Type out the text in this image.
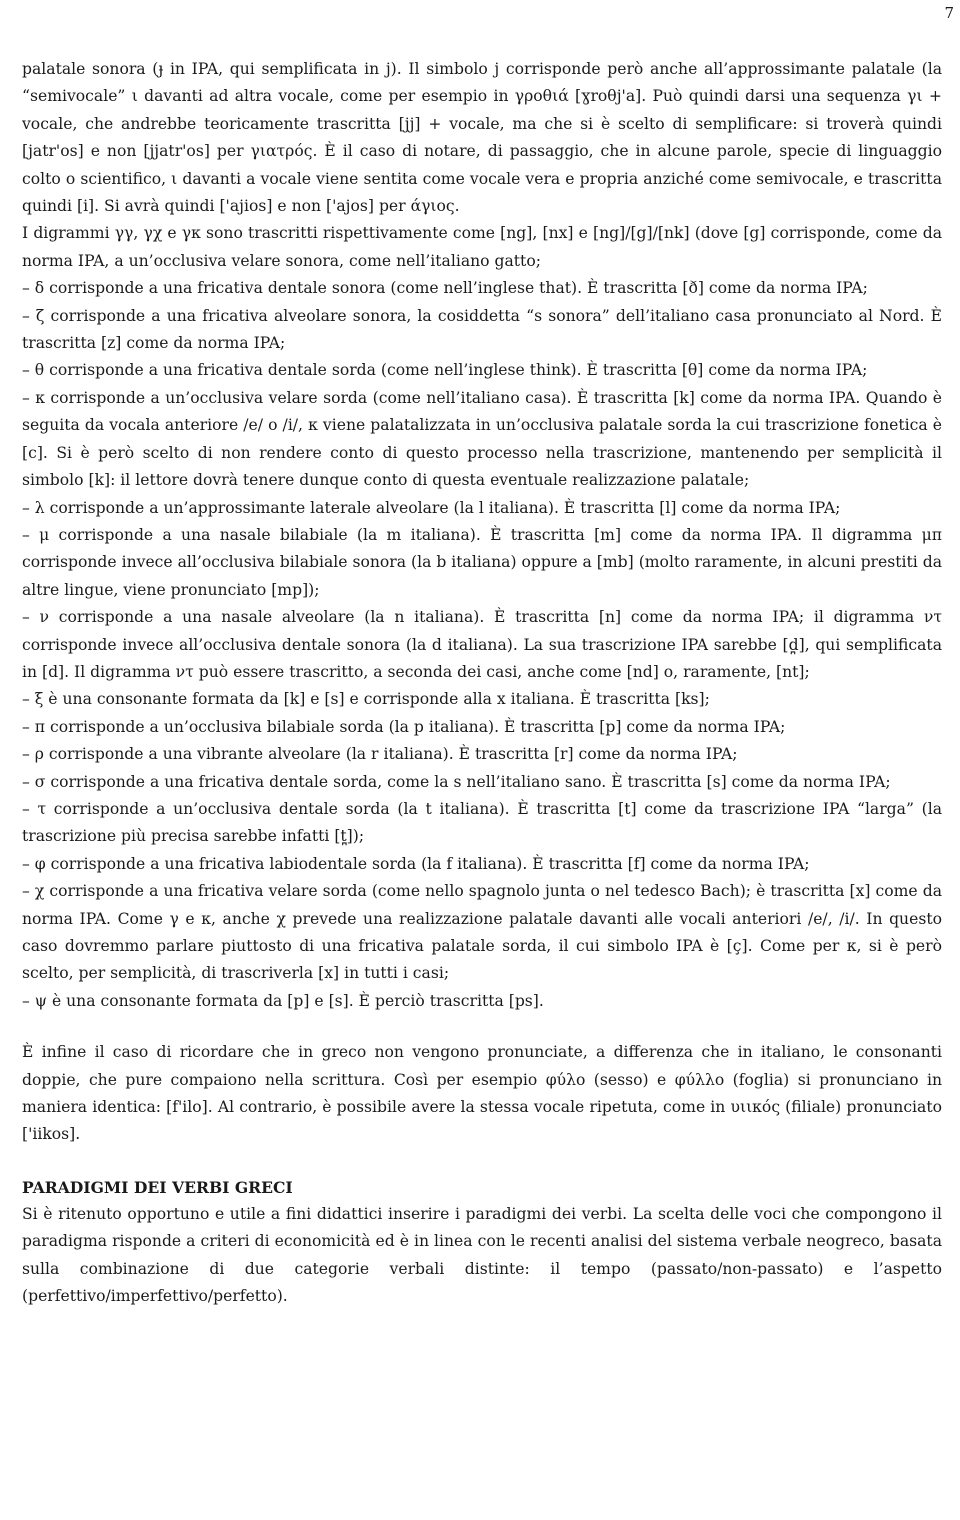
7

palatale sonora (ɟ in IPA, qui semplificata in j). Il simbolo j corrisponde però anche all’approssimante palatale (la “semivocale” ι davanti ad altra vocale, come per esempio in γροθιά [ɣroθj'a]. Può quindi darsi una sequenza γι + vocale, che andrebbe teoricamente trascritta [jj] + vocale, ma che si è scelto di semplificare: si troverà quindi [jatr'os] e non [jjatr'os] per γιατρός. È il caso di notare, di passaggio, che in alcune parole, specie di linguaggio colto o scientifico, ι davanti a vocale viene sentita come vocale vera e propria anziché come semivocale, e trascritta quindi [i]. Si avrà quindi ['ajios] e non ['ajos] per άγιος.

I digrammi γγ, γχ e γκ sono trascritti rispettivamente come [ng], [nx] e [ng]/[g]/[nk] (dove [g] corrisponde, come da norma IPA, a un’occlusiva velare sonora, come nell’italiano gatto;

– δ corrisponde a una fricativa dentale sonora (come nell’inglese that). È trascritta [ð] come da norma IPA;
– ζ corrisponde a una fricativa alveolare sonora, la cosiddetta “s sonora” dell’italiano casa pronunciato al Nord. È trascritta [z] come da norma IPA;
– θ corrisponde a una fricativa dentale sorda (come nell’inglese think). È trascritta [θ] come da norma IPA;
– κ corrisponde a un’occlusiva velare sorda (come nell’italiano casa). È trascritta [k] come da norma IPA. Quando è seguita da vocala anteriore /e/ o /i/, κ viene palatalizzata in un’occlusiva palatale sorda la cui trascrizione fonetica è [c]. Si è però scelto di non rendere conto di questo processo nella trascrizione, mantenendo per semplicità il simbolo [k]: il lettore dovrà tenere dunque conto di questa eventuale realizzazione palatale;
– λ corrisponde a un’approssimante laterale alveolare (la l italiana). È trascritta [l] come da norma IPA;
– μ corrisponde a una nasale bilabiale (la m italiana). È trascritta [m] come da norma IPA. Il digramma μπ corrisponde invece all’occlusiva bilabiale sonora (la b italiana) oppure a [mb] (molto raramente, in alcuni prestiti da altre lingue, viene pronunciato [mp]);
– ν corrisponde a una nasale alveolare (la n italiana). È trascritta [n] come da norma IPA; il digramma ντ corrisponde invece all’occlusiva dentale sonora (la d italiana). La sua trascrizione IPA sarebbe [d̪], qui semplificata in [d]. Il digramma ντ può essere trascritto, a seconda dei casi, anche come [nd] o, raramente, [nt];
– ξ è una consonante formata da [k] e [s] e corrisponde alla x italiana. È trascritta [ks];
– π corrisponde a un’occlusiva bilabiale sorda (la p italiana). È trascritta [p] come da norma IPA;
– ρ corrisponde a una vibrante alveolare (la r italiana). È trascritta [r] come da norma IPA;
– σ corrisponde a una fricativa dentale sorda, come la s nell’italiano sano. È trascritta [s] come da norma IPA;
– τ corrisponde a un’occlusiva dentale sorda (la t italiana). È trascritta [t] come da trascrizione IPA “larga” (la trascrizione più precisa sarebbe infatti [t̪]);
– φ corrisponde a una fricativa labiodentale sorda (la f italiana). È trascritta [f] come da norma IPA;
– χ corrisponde a una fricativa velare sorda (come nello spagnolo junta o nel tedesco Bach); è trascritta [x] come da norma IPA. Come γ e κ, anche χ prevede una realizzazione palatale davanti alle vocali anteriori /e/, /i/. In questo caso dovremmo parlare piuttosto di una fricativa palatale sorda, il cui simbolo IPA è [ç]. Come per κ, si è però scelto, per semplicità, di trascriverla [x] in tutti i casi;
– ψ è una consonante formata da [p] e [s]. È perciò trascritta [ps].

È infine il caso di ricordare che in greco non vengono pronunciate, a differenza che in italiano, le consonanti doppie, che pure compaiono nella scrittura. Così per esempio φύλο (sesso) e φύλλο (foglia) si pronunciano in maniera identica: [f'ilo]. Al contrario, è possibile avere la stessa vocale ripetuta, come in υιικός (filiale) pronunciato ['iikos].

PARADIGMI DEI VERBI GRECI

Si è ritenuto opportuno e utile a fini didattici inserire i paradigmi dei verbi. La scelta delle voci che compongono il paradigma risponde a criteri di economicità ed è in linea con le recenti analisi del sistema verbale neogreco, basata sulla combinazione di due categorie verbali distinte: il tempo (passato/non-passato) e l’aspetto (perfettivo/imperfettivo/perfetto).
